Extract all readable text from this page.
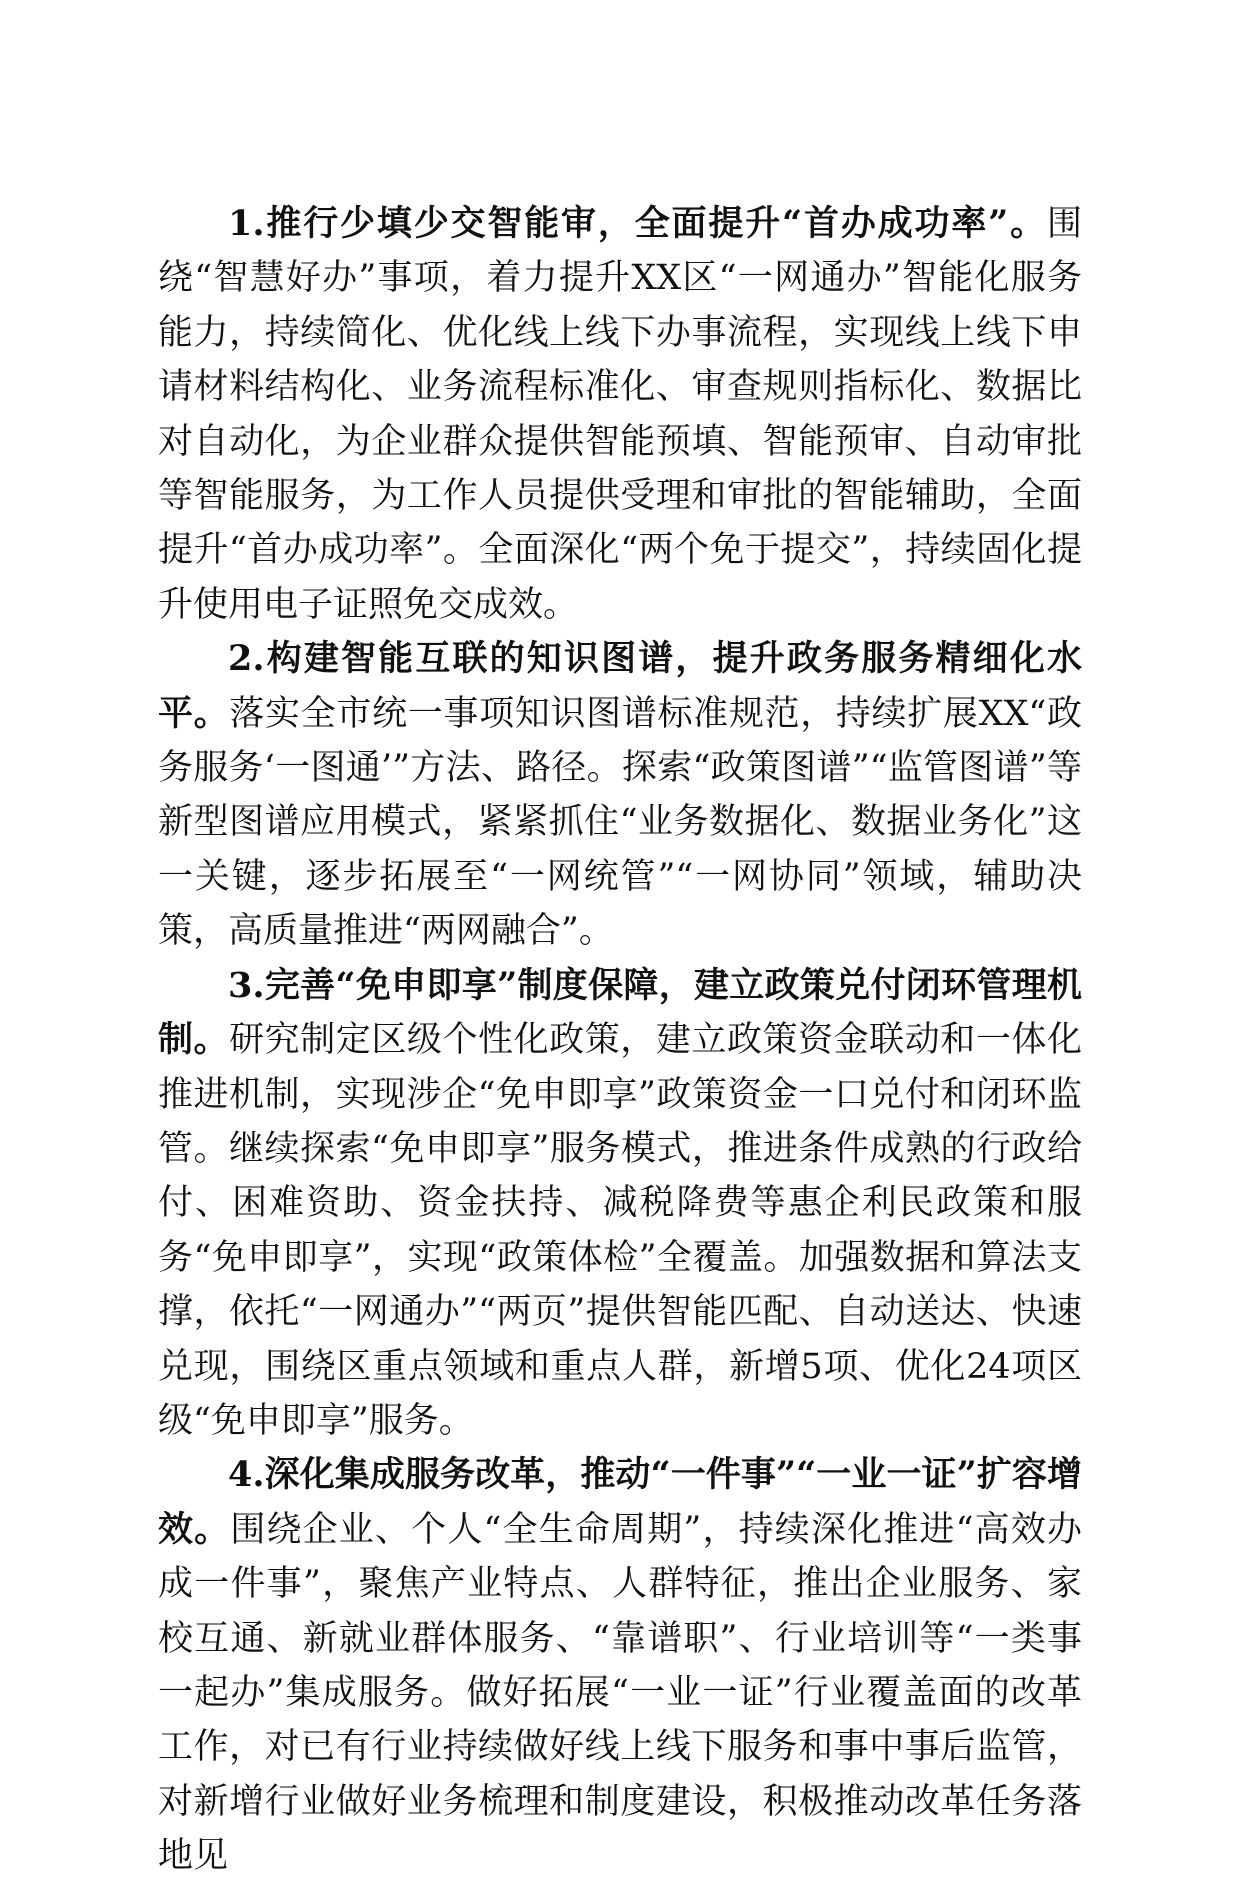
1.推行少填少交智能审，全面提升“首办成功率”。围绕“智慧好办”事项，着力提升XX区“一网通办”智能化服务能力，持续简化、优化线上线下办事流程，实现线上线下申请材料结构化、业务流程标准化、审查规则指标化、数据比对自动化，为企业群众提供智能预填、智能预审、自动审批等智能服务，为工作人员提供受理和审批的智能辅助，全面提升“首办成功率”。全面深化“两个免于提交”，持续固化提升使用电子证照免交成效。

2.构建智能互联的知识图谱，提升政务服务精细化水平。落实全市统一事项知识图谱标准规范，持续扩展XX“政务服务‘一图通’”方法、路径。探索“政策图谱”“监管图谱”等新型图谱应用模式，紧紧抓住“业务数据化、数据业务化”这一关键，逐步拓展至“一网统管”“一网协同”领域，辅助决策，高质量推进“两网融合”。

3.完善“免申即享”制度保障，建立政策兑付闭环管理机制。研究制定区级个性化政策，建立政策资金联动和一体化推进机制，实现涉企“免申即享”政策资金一口兑付和闭环监管。继续探索“免申即享”服务模式，推进条件成熟的行政给付、困难资助、资金扶持、减税降费等惠企利民政策和服务“免申即享”，实现“政策体检”全覆盖。加强数据和算法支撑，依托“一网通办”“两页”提供智能匹配、自动送达、快速兑现，围绕区重点领域和重点人群，新增5项、优化24项区级“免申即享”服务。

4.深化集成服务改革，推动“一件事”“一业一证”扩容增效。围绕企业、个人“全生命周期”，持续深化推进“高效办成一件事”，聚焦产业特点、人群特征，推出企业服务、家校互通、新就业群体服务、“靠谱职”、行业培训等“一类事一起办”集成服务。做好拓展“一业一证”行业覆盖面的改革工作，对已有行业持续做好线上线下服务和事中事后监管，对新增行业做好业务梳理和制度建设，积极推动改革任务落地见
